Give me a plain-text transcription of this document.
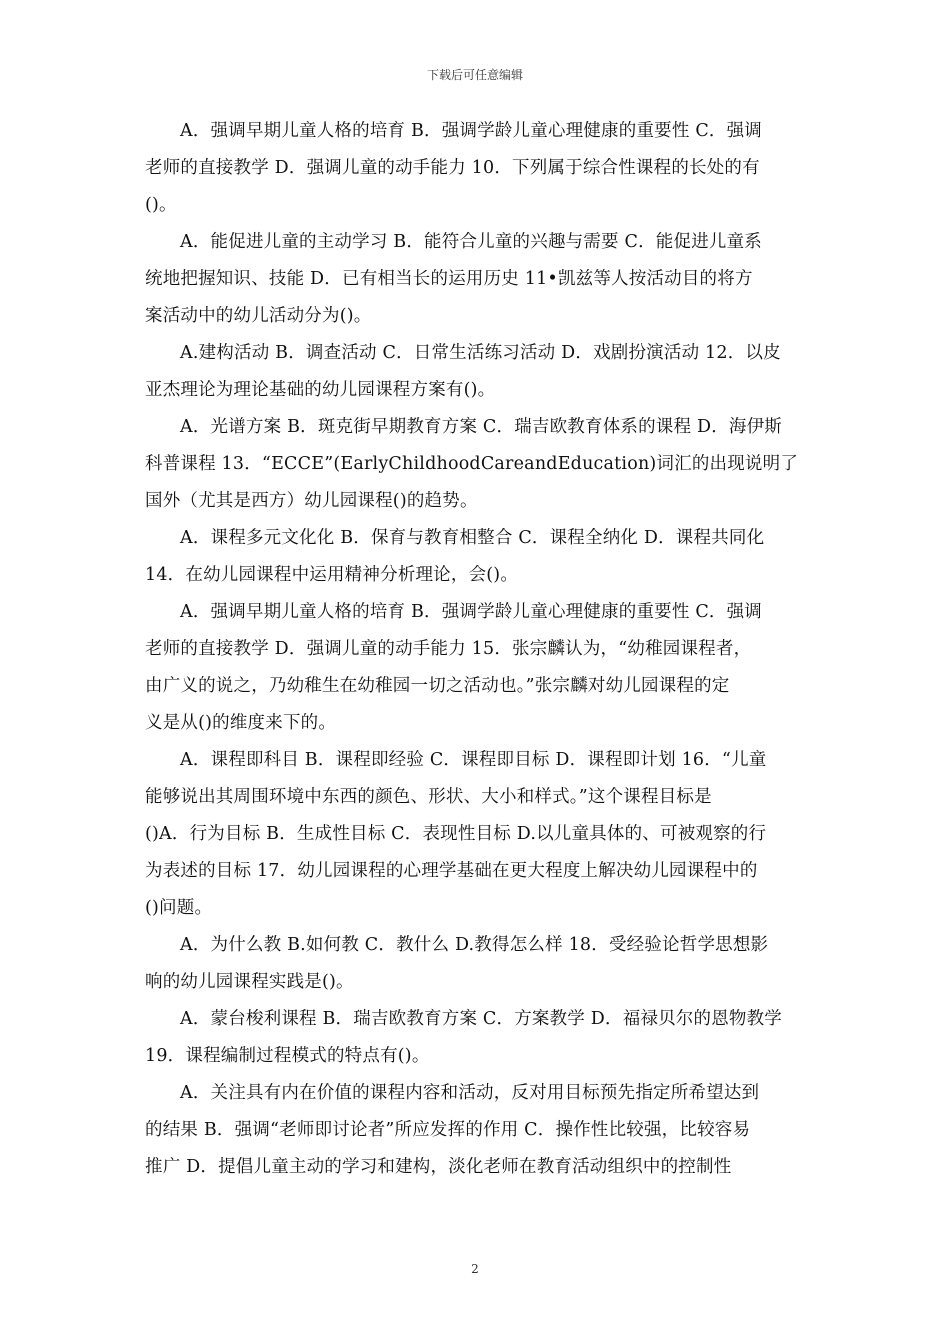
下载后可任意编辑

A．强调早期儿童人格的培育 B．强调学龄儿童心理健康的重要性 C．强调
老师的直接教学 D．强调儿童的动手能力 10．下列属于综合性课程的长处的有
()。

A．能促进儿童的主动学习 B．能符合儿童的兴趣与需要 C．能促进儿童系
统地把握知识、技能 D．已有相当长的运用历史 11•凯兹等人按活动目的将方
案活动中的幼儿活动分为()。

A.建构活动 B．调查活动 C．日常生活练习活动 D．戏剧扮演活动 12．以皮
亚杰理论为理论基础的幼儿园课程方案有()。

A．光谱方案 B．斑克街早期教育方案 C．瑞吉欧教育体系的课程 D．海伊斯
科普课程 13．“ECCE”(EarlyChildhoodCareandEducation)词汇的出现说明了
国外（尤其是西方）幼儿园课程()的趋势。

A．课程多元文化化 B．保育与教育相整合 C．课程全纳化 D．课程共同化
14．在幼儿园课程中运用精神分析理论，会()。

A．强调早期儿童人格的培育 B．强调学龄儿童心理健康的重要性 C．强调
老师的直接教学 D．强调儿童的动手能力 15．张宗麟认为，“幼稚园课程者，
由广义的说之，乃幼稚生在幼稚园一切之活动也。”张宗麟对幼儿园课程的定
义是从()的维度来下的。

A．课程即科目 B．课程即经验 C．课程即目标 D．课程即计划 16．“儿童
能够说出其周围环境中东西的颜色、形状、大小和样式。”这个课程目标是
()A．行为目标 B．生成性目标 C．表现性目标 D.以儿童具体的、可被观察的行
为表述的目标 17．幼儿园课程的心理学基础在更大程度上解决幼儿园课程中的
()问题。

A．为什么教 B.如何教 C．教什么 D.教得怎么样 18．受经验论哲学思想影
响的幼儿园课程实践是()。

A．蒙台梭利课程 B．瑞吉欧教育方案 C．方案教学 D．福禄贝尔的恩物教学
19．课程编制过程模式的特点有()。

A．关注具有内在价值的课程内容和活动，反对用目标预先指定所希望达到
的结果 B．强调“老师即讨论者”所应发挥的作用 C．操作性比较强，比较容易
推广 D．提倡儿童主动的学习和建构，淡化老师在教育活动组织中的控制性

2
